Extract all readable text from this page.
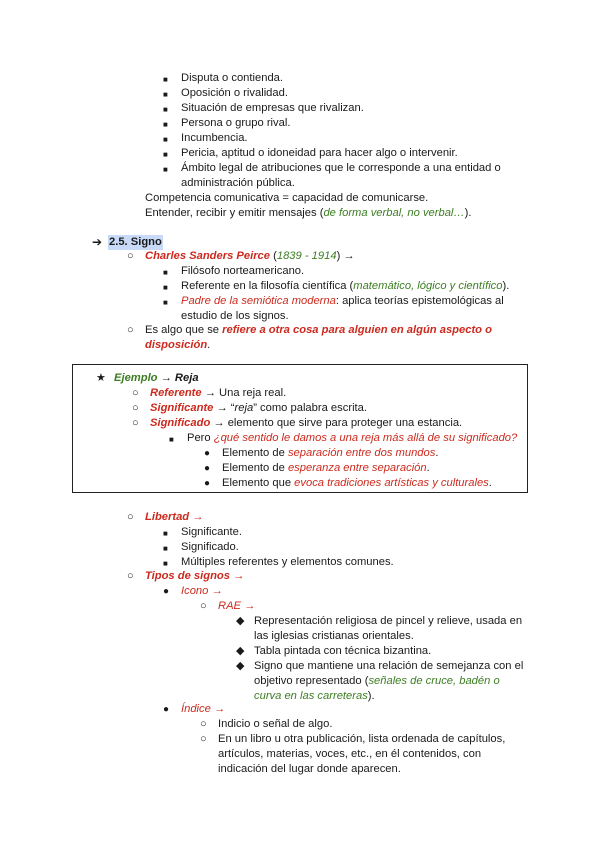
■ Disputa o contienda.
■ Oposición o rivalidad.
■ Situación de empresas que rivalizan.
■ Persona o grupo rival.
■ Incumbencia.
■ Pericia, aptitud o idoneidad para hacer algo o intervenir.
■ Ámbito legal de atribuciones que le corresponde a una entidad o
administración pública.
Competencia comunicativa = capacidad de comunicarse.
Entender, recibir y emitir mensajes (de forma verbal, no verbal…).
➔ 2.5. Signo
○ Charles Sanders Peirce (1839 - 1914) →
■ Filósofo norteamericano.
■ Referente en la filosofía científica (matemático, lógico y científico).
■ Padre de la semiótica moderna: aplica teorías epistemológicas al
estudio de los signos.
○ Es algo que se refiere a otra cosa para alguien en algún aspecto o
disposición.
★ Ejemplo → Reja
○ Referente → Una reja real.
○ Significante → “reja” como palabra escrita.
○ Significado → elemento que sirve para proteger una estancia.
■ Pero ¿qué sentido le damos a una reja más allá de su significado?
● Elemento de separación entre dos mundos.
● Elemento de esperanza entre separación.
● Elemento que evoca tradiciones artísticas y culturales.
○ Libertad →
■ Significante.
■ Significado.
■ Múltiples referentes y elementos comunes.
○ Tipos de signos →
● Icono →
○ RAE →
◆ Representación religiosa de pincel y relieve, usada en
las iglesias cristianas orientales.
◆ Tabla pintada con técnica bizantina.
◆ Signo que mantiene una relación de semejanza con el
objetivo representado (señales de cruce, badén o
curva en las carreteras).
● Índice →
○ Indicio o señal de algo.
○ En un libro u otra publicación, lista ordenada de capítulos,
artículos, materias, voces, etc., en él contenidos, con
indicación del lugar donde aparecen.
